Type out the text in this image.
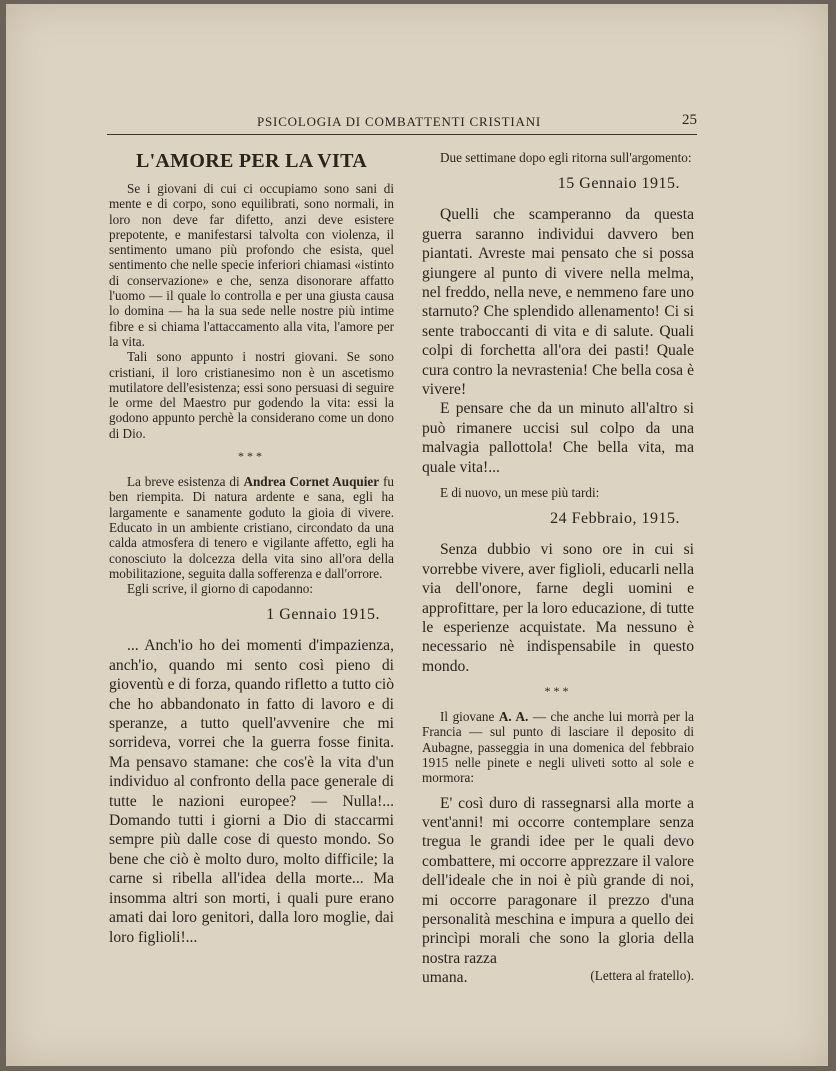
PSICOLOGIA DI COMBATTENTI CRISTIANI	25
L'AMORE PER LA VITA

Se i giovani di cui ci occupiamo sono sani di mente e di corpo, sono equilibrati, sono normali, in loro non deve far difetto, anzi deve esistere prepotente, e manifestarsi talvolta con violenza, il sentimento umano più profondo che esista, quel sentimento che nelle specie inferiori chiamasi «istinto di conservazione» e che, senza disonorare affatto l'uomo — il quale lo controlla e per una giusta causa lo domina — ha la sua sede nelle nostre più intime fibre e si chiama l'attaccamento alla vita, l'amore per la vita.

Tali sono appunto i nostri giovani. Se sono cristiani, il loro cristianesimo non è un ascetismo mutilatore dell'esistenza; essi sono persuasi di seguire le orme del Maestro pur godendo la vita: essi la godono appunto perchè la considerano come un dono di Dio.

***

La breve esistenza di Andrea Cornet Auquier fu ben riempita. Di natura ardente e sana, egli ha largamente e sanamente goduto la gioia di vivere. Educato in un ambiente cristiano, circondato da una calda atmosfera di tenero e vigilante affetto, egli ha conosciuto la dolcezza della vita sino all'ora della mobilitazione, seguita dalla sofferenza e dall'orrore.

Egli scrive, il giorno di capodanno:

1 Gennaio 1915.

... Anch'io ho dei momenti d'impazienza, anch'io, quando mi sento così pieno di gioventù e di forza, quando rifletto a tutto ciò che ho abbandonato in fatto di lavoro e di speranze, a tutto quell'avvenire che mi sorrideva, vorrei che la guerra fosse finita. Ma pensavo stamane: che cos'è la vita d'un individuo al confronto della pace generale di tutte le nazioni europee? — Nulla!... Domando tutti i giorni a Dio di staccarmi sempre più dalle cose di questo mondo. So bene che ciò è molto duro, molto difficile; la carne si ribella all'idea della morte... Ma insomma altri son morti, i quali pure erano amati dai loro genitori, dalla loro moglie, dai loro figlioli!...

Due settimane dopo egli ritorna sull'argomento:

15 Gennaio 1915.

Quelli che scamperanno da questa guerra saranno individui davvero ben piantati. Avreste mai pensato che si possa giungere al punto di vivere nella melma, nel freddo, nella neve, e nemmeno fare uno starnuto? Che splendido allenamento! Ci si sente traboccanti di vita e di salute. Quali colpi di forchetta all'ora dei pasti! Quale cura contro la nevrastenia! Che bella cosa è vivere!

E pensare che da un minuto all'altro si può rimanere uccisi sul colpo da una malvagia pallottola! Che bella vita, ma quale vita!...

E di nuovo, un mese più tardi:

24 Febbraio, 1915.

Senza dubbio vi sono ore in cui si vorrebbe vivere, aver figlioli, educarli nella via dell'onore, farne degli uomini e approfittare, per la loro educazione, di tutte le esperienze acquistate. Ma nessuno è necessario nè indispensabile in questo mondo.

***

Il giovane A. A. — che anche lui morrà per la Francia — sul punto di lasciare il deposito di Aubagne, passeggia in una domenica del febbraio 1915 nelle pinete e negli uliveti sotto al sole e mormora:

E' così duro di rassegnarsi alla morte a vent'anni! mi occorre contemplare senza tregua le grandi idee per le quali devo combattere, mi occorre apprezzare il valore dell'ideale che in noi è più grande di noi, mi occorre paragonare il prezzo d'una personalità meschina e impura a quello dei princìpi morali che sono la gloria della nostra razza

umana.	(Lettera al fratello).
